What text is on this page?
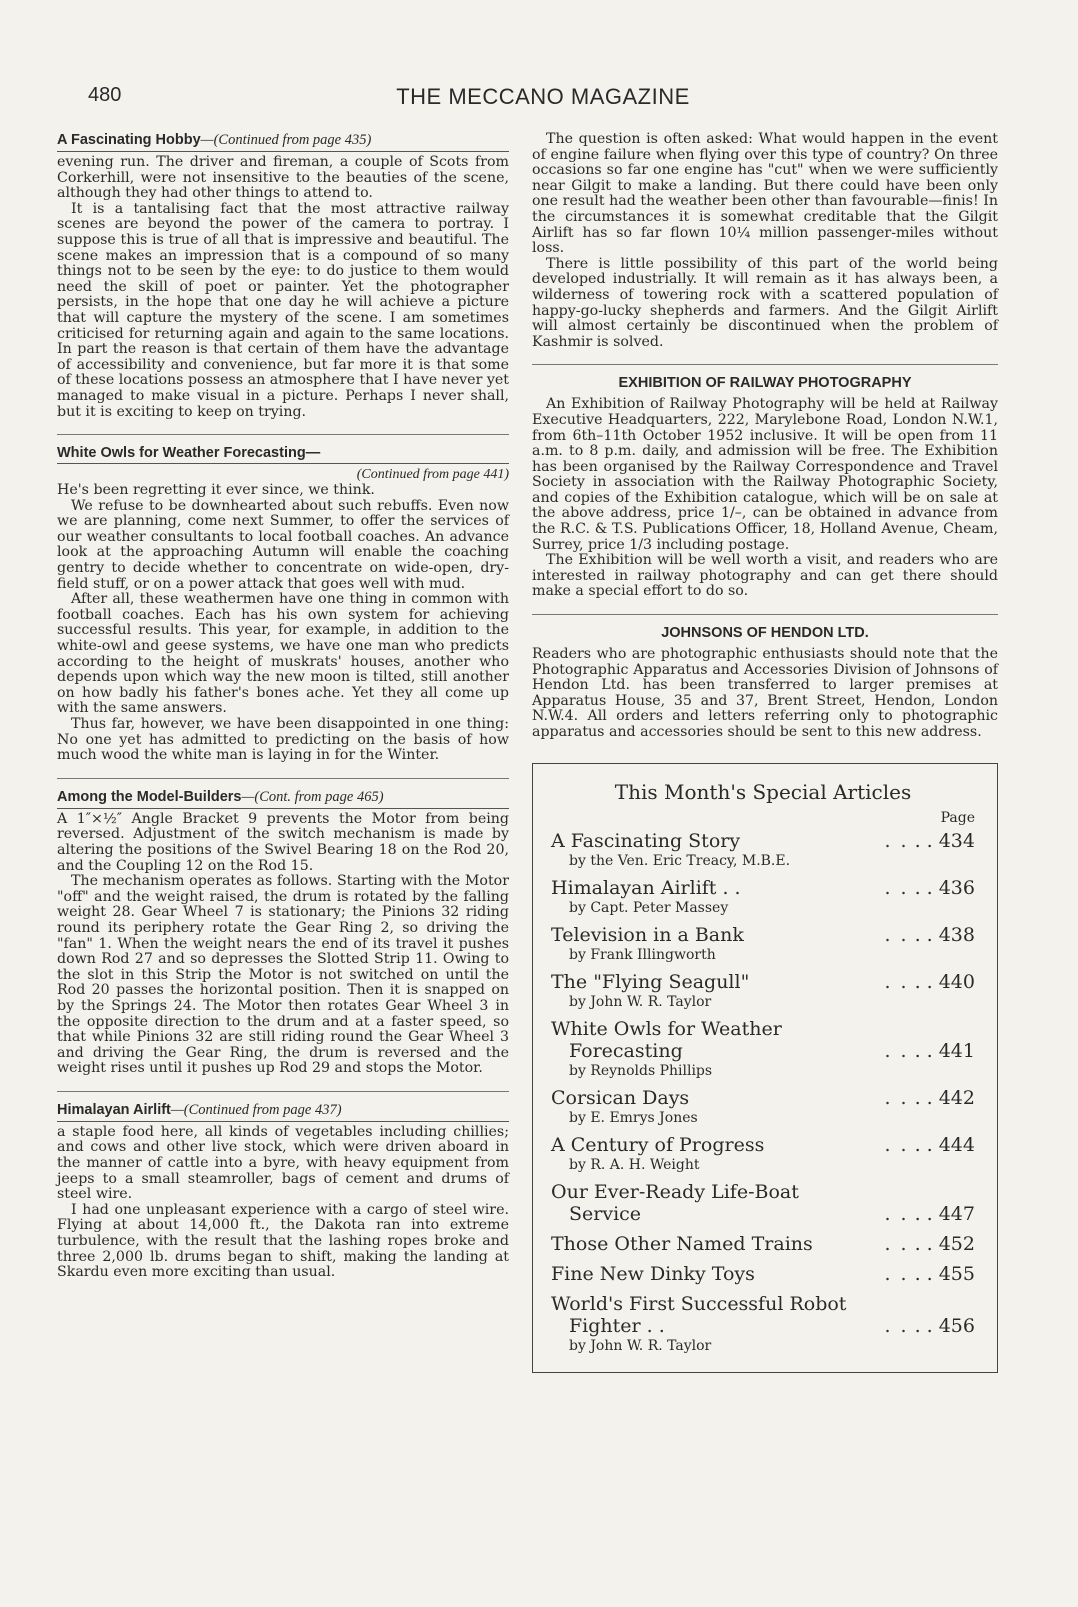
480	THE MECCANO MAGAZINE
A Fascinating Hobby—(Continued from page 435)

evening run. The driver and fireman, a couple of Scots from Corkerhill, were not insensitive to the beauties of the scene, although they had other things to attend to.

It is a tantalising fact that the most attractive railway scenes are beyond the power of the camera to portray. I suppose this is true of all that is impressive and beautiful. The scene makes an impression that is a compound of so many things not to be seen by the eye: to do justice to them would need the skill of poet or painter. Yet the photographer persists, in the hope that one day he will achieve a picture that will capture the mystery of the scene. I am sometimes criticised for returning again and again to the same locations. In part the reason is that certain of them have the advantage of accessibility and convenience, but far more it is that some of these locations possess an atmosphere that I have never yet managed to make visual in a picture. Perhaps I never shall, but it is exciting to keep on trying.

White Owls for Weather Forecasting—
(Continued from page 441)

He's been regretting it ever since, we think.

We refuse to be downhearted about such rebuffs. Even now we are planning, come next Summer, to offer the services of our weather consultants to local football coaches. An advance look at the approaching Autumn will enable the coaching gentry to decide whether to concentrate on wide-open, dry-field stuff, or on a power attack that goes well with mud.

After all, these weathermen have one thing in common with football coaches. Each has his own system for achieving successful results. This year, for example, in addition to the white-owl and geese systems, we have one man who predicts according to the height of muskrats' houses, another who depends upon which way the new moon is tilted, still another on how badly his father's bones ache. Yet they all come up with the same answers.

Thus far, however, we have been disappointed in one thing: No one yet has admitted to predicting on the basis of how much wood the white man is laying in for the Winter.

Among the Model-Builders—(Cont. from page 465)

A 1″×½″ Angle Bracket 9 prevents the Motor from being reversed. Adjustment of the switch mechanism is made by altering the positions of the Swivel Bearing 18 on the Rod 20, and the Coupling 12 on the Rod 15.

The mechanism operates as follows. Starting with the Motor "off" and the weight raised, the drum is rotated by the falling weight 28. Gear Wheel 7 is stationary; the Pinions 32 riding round its periphery rotate the Gear Ring 2, so driving the "fan" 1. When the weight nears the end of its travel it pushes down Rod 27 and so depresses the Slotted Strip 11. Owing to the slot in this Strip the Motor is not switched on until the Rod 20 passes the horizontal position. Then it is snapped on by the Springs 24. The Motor then rotates Gear Wheel 3 in the opposite direction to the drum and at a faster speed, so that while Pinions 32 are still riding round the Gear Wheel 3 and driving the Gear Ring, the drum is reversed and the weight rises until it pushes up Rod 29 and stops the Motor.

Himalayan Airlift—(Continued from page 437)

a staple food here, all kinds of vegetables including chillies; and cows and other live stock, which were driven aboard in the manner of cattle into a byre, with heavy equipment from jeeps to a small steamroller, bags of cement and drums of steel wire.

I had one unpleasant experience with a cargo of steel wire. Flying at about 14,000 ft., the Dakota ran into extreme turbulence, with the result that the lashing ropes broke and three 2,000 lb. drums began to shift, making the landing at Skardu even more exciting than usual.

The question is often asked: What would happen in the event of engine failure when flying over this type of country? On three occasions so far one engine has "cut" when we were sufficiently near Gilgit to make a landing. But there could have been only one result had the weather been other than favourable—finis! In the circumstances it is somewhat creditable that the Gilgit Airlift has so far flown 10¼ million passenger-miles without loss.

There is little possibility of this part of the world being developed industrially. It will remain as it has always been, a wilderness of towering rock with a scattered population of happy-go-lucky shepherds and farmers. And the Gilgit Airlift will almost certainly be discontinued when the problem of Kashmir is solved.

EXHIBITION OF RAILWAY PHOTOGRAPHY

An Exhibition of Railway Photography will be held at Railway Executive Headquarters, 222, Marylebone Road, London N.W.1, from 6th–11th October 1952 inclusive. It will be open from 11 a.m. to 8 p.m. daily, and admission will be free. The Exhibition has been organised by the Railway Correspondence and Travel Society in association with the Railway Photographic Society, and copies of the Exhibition catalogue, which will be on sale at the above address, price 1/–, can be obtained in advance from the R.C. & T.S. Publications Officer, 18, Holland Avenue, Cheam, Surrey, price 1/3 including postage.

The Exhibition will be well worth a visit, and readers who are interested in railway photography and can get there should make a special effort to do so.

JOHNSONS OF HENDON LTD.

Readers who are photographic enthusiasts should note that the Photographic Apparatus and Accessories Division of Johnsons of Hendon Ltd. has been transferred to larger premises at Apparatus House, 35 and 37, Brent Street, Hendon, London N.W.4. All orders and letters referring only to photographic apparatus and accessories should be sent to this new address.

This Month's Special Articles
Page
A Fascinating Story	. . . . 434
by the Ven. Eric Treacy, M.B.E.
Himalayan Airlift . .	. . . . 436
by Capt. Peter Massey
Television in a Bank	. . . . 438
by Frank Illingworth
The "Flying Seagull"	. . . . 440
by John W. R. Taylor
White Owls for Weather
Forecasting	. . . . 441
by Reynolds Phillips
Corsican Days	. . . . 442
by E. Emrys Jones
A Century of Progress	. . . . 444
by R. A. H. Weight
Our Ever-Ready Life-Boat
Service	. . . . 447
Those Other Named Trains	. . . . 452
Fine New Dinky Toys	. . . . 455
World's First Successful Robot
Fighter . .	. . . . 456
by John W. R. Taylor
